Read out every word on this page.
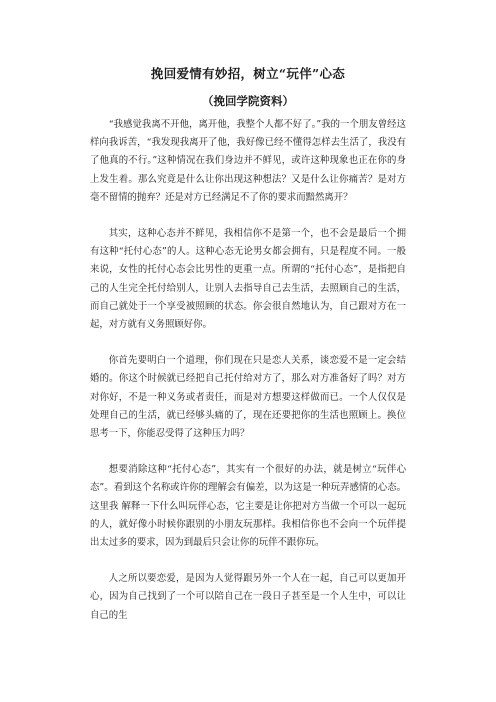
挽回爱情有妙招，树立“玩伴”心态
（挽回学院资料）

“我感觉我离不开他，离开他，我整个人都不好了。”我的一个朋友曾经这样向我诉苦，“我发现我离开了他，我好像已经不懂得怎样去生活了，我没有了他真的不行。”这种情况在我们身边并不鲜见，或许这种现象也正在你的身上发生着。那么究竟是什么让你出现这种想法？又是什么让你痛苦？是对方毫不留情的抛弃？还是对方已经满足不了你的要求而黯然离开？

其实，这种心态并不鲜见，我相信你不是第一个，也不会是最后一个拥有这种“托付心态”的人。这种心态无论男女都会拥有，只是程度不同。一般来说，女性的托付心态会比男性的更重一点。所谓的“托付心态”，是指把自己的人生完全托付给别人，让别人去指导自己去生活，去照顾自己的生活，而自己就处于一个享受被照顾的状态。你会很自然地认为，自己跟对方在一起，对方就有义务照顾好你。

你首先要明白一个道理，你们现在只是恋人关系，谈恋爱不是一定会结婚的。你这个时候就已经把自己托付给对方了，那么对方准备好了吗？对方对你好，不是一种义务或者责任，而是对方想要这样做而已。一个人仅仅是处理自己的生活，就已经够头痛的了，现在还要把你的生活也照顾上。换位思考一下，你能忍受得了这种压力吗？

想要消除这种“托付心态”，其实有一个很好的办法，就是树立“玩伴心态”。看到这个名称或许你的理解会有偏差，以为这是一种玩弄感情的心态。这里我 解释一下什么叫玩伴心态，它主要是让你把对方当做一个可以一起玩的人，就好像小时候你跟别的小朋友玩那样。我相信你也不会向一个玩伴提出太过多的要求，因为到最后只会让你的玩伴不跟你玩。

人之所以要恋爱，是因为人觉得跟另外一个人在一起，自己可以更加开心，因为自己找到了一个可以陪自己在一段日子甚至是一个人生中，可以让自己的生
